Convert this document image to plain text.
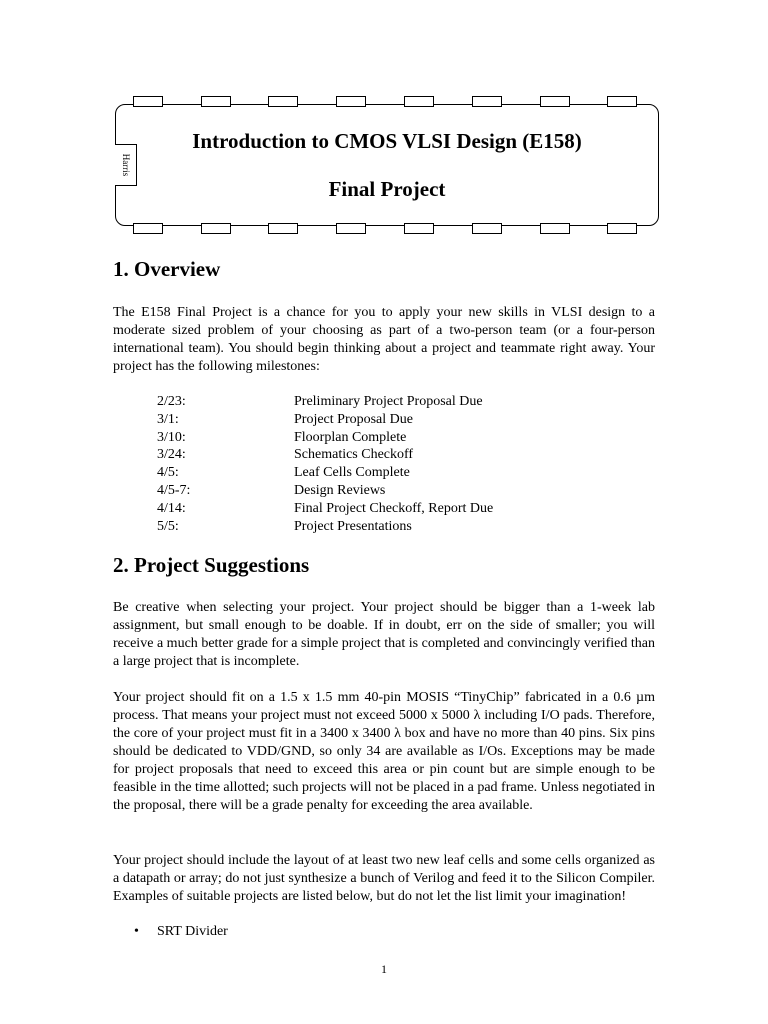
Harris
Introduction to CMOS VLSI Design (E158)
Final Project
1. Overview

The E158 Final Project is a chance for you to apply your new skills in VLSI design to a moderate sized problem of your choosing as part of a two-person team (or a four-person international team). You should begin thinking about a project and teammate right away. Your project has the following milestones:

2/23:	Preliminary Project Proposal Due
3/1:	Project Proposal Due
3/10:	Floorplan Complete
3/24:	Schematics Checkoff
4/5:	Leaf Cells Complete
4/5-7:	Design Reviews
4/14:	Final Project Checkoff, Report Due
5/5:	Project Presentations
2. Project Suggestions

Be creative when selecting your project. Your project should be bigger than a 1-week lab assignment, but small enough to be doable. If in doubt, err on the side of smaller; you will receive a much better grade for a simple project that is completed and convincingly verified than a large project that is incomplete.

Your project should fit on a 1.5 x 1.5 mm 40-pin MOSIS “TinyChip” fabricated in a 0.6 µm process. That means your project must not exceed 5000 x 5000 λ including I/O pads. Therefore, the core of your project must fit in a 3400 x 3400 λ box and have no more than 40 pins. Six pins should be dedicated to VDD/GND, so only 34 are available as I/Os. Exceptions may be made for project proposals that need to exceed this area or pin count but are simple enough to be feasible in the time allotted; such projects will not be placed in a pad frame. Unless negotiated in the proposal, there will be a grade penalty for exceeding the area available.

Your project should include the layout of at least two new leaf cells and some cells organized as a datapath or array; do not just synthesize a bunch of Verilog and feed it to the Silicon Compiler. Examples of suitable projects are listed below, but do not let the list limit your imagination!

• SRT Divider
1
